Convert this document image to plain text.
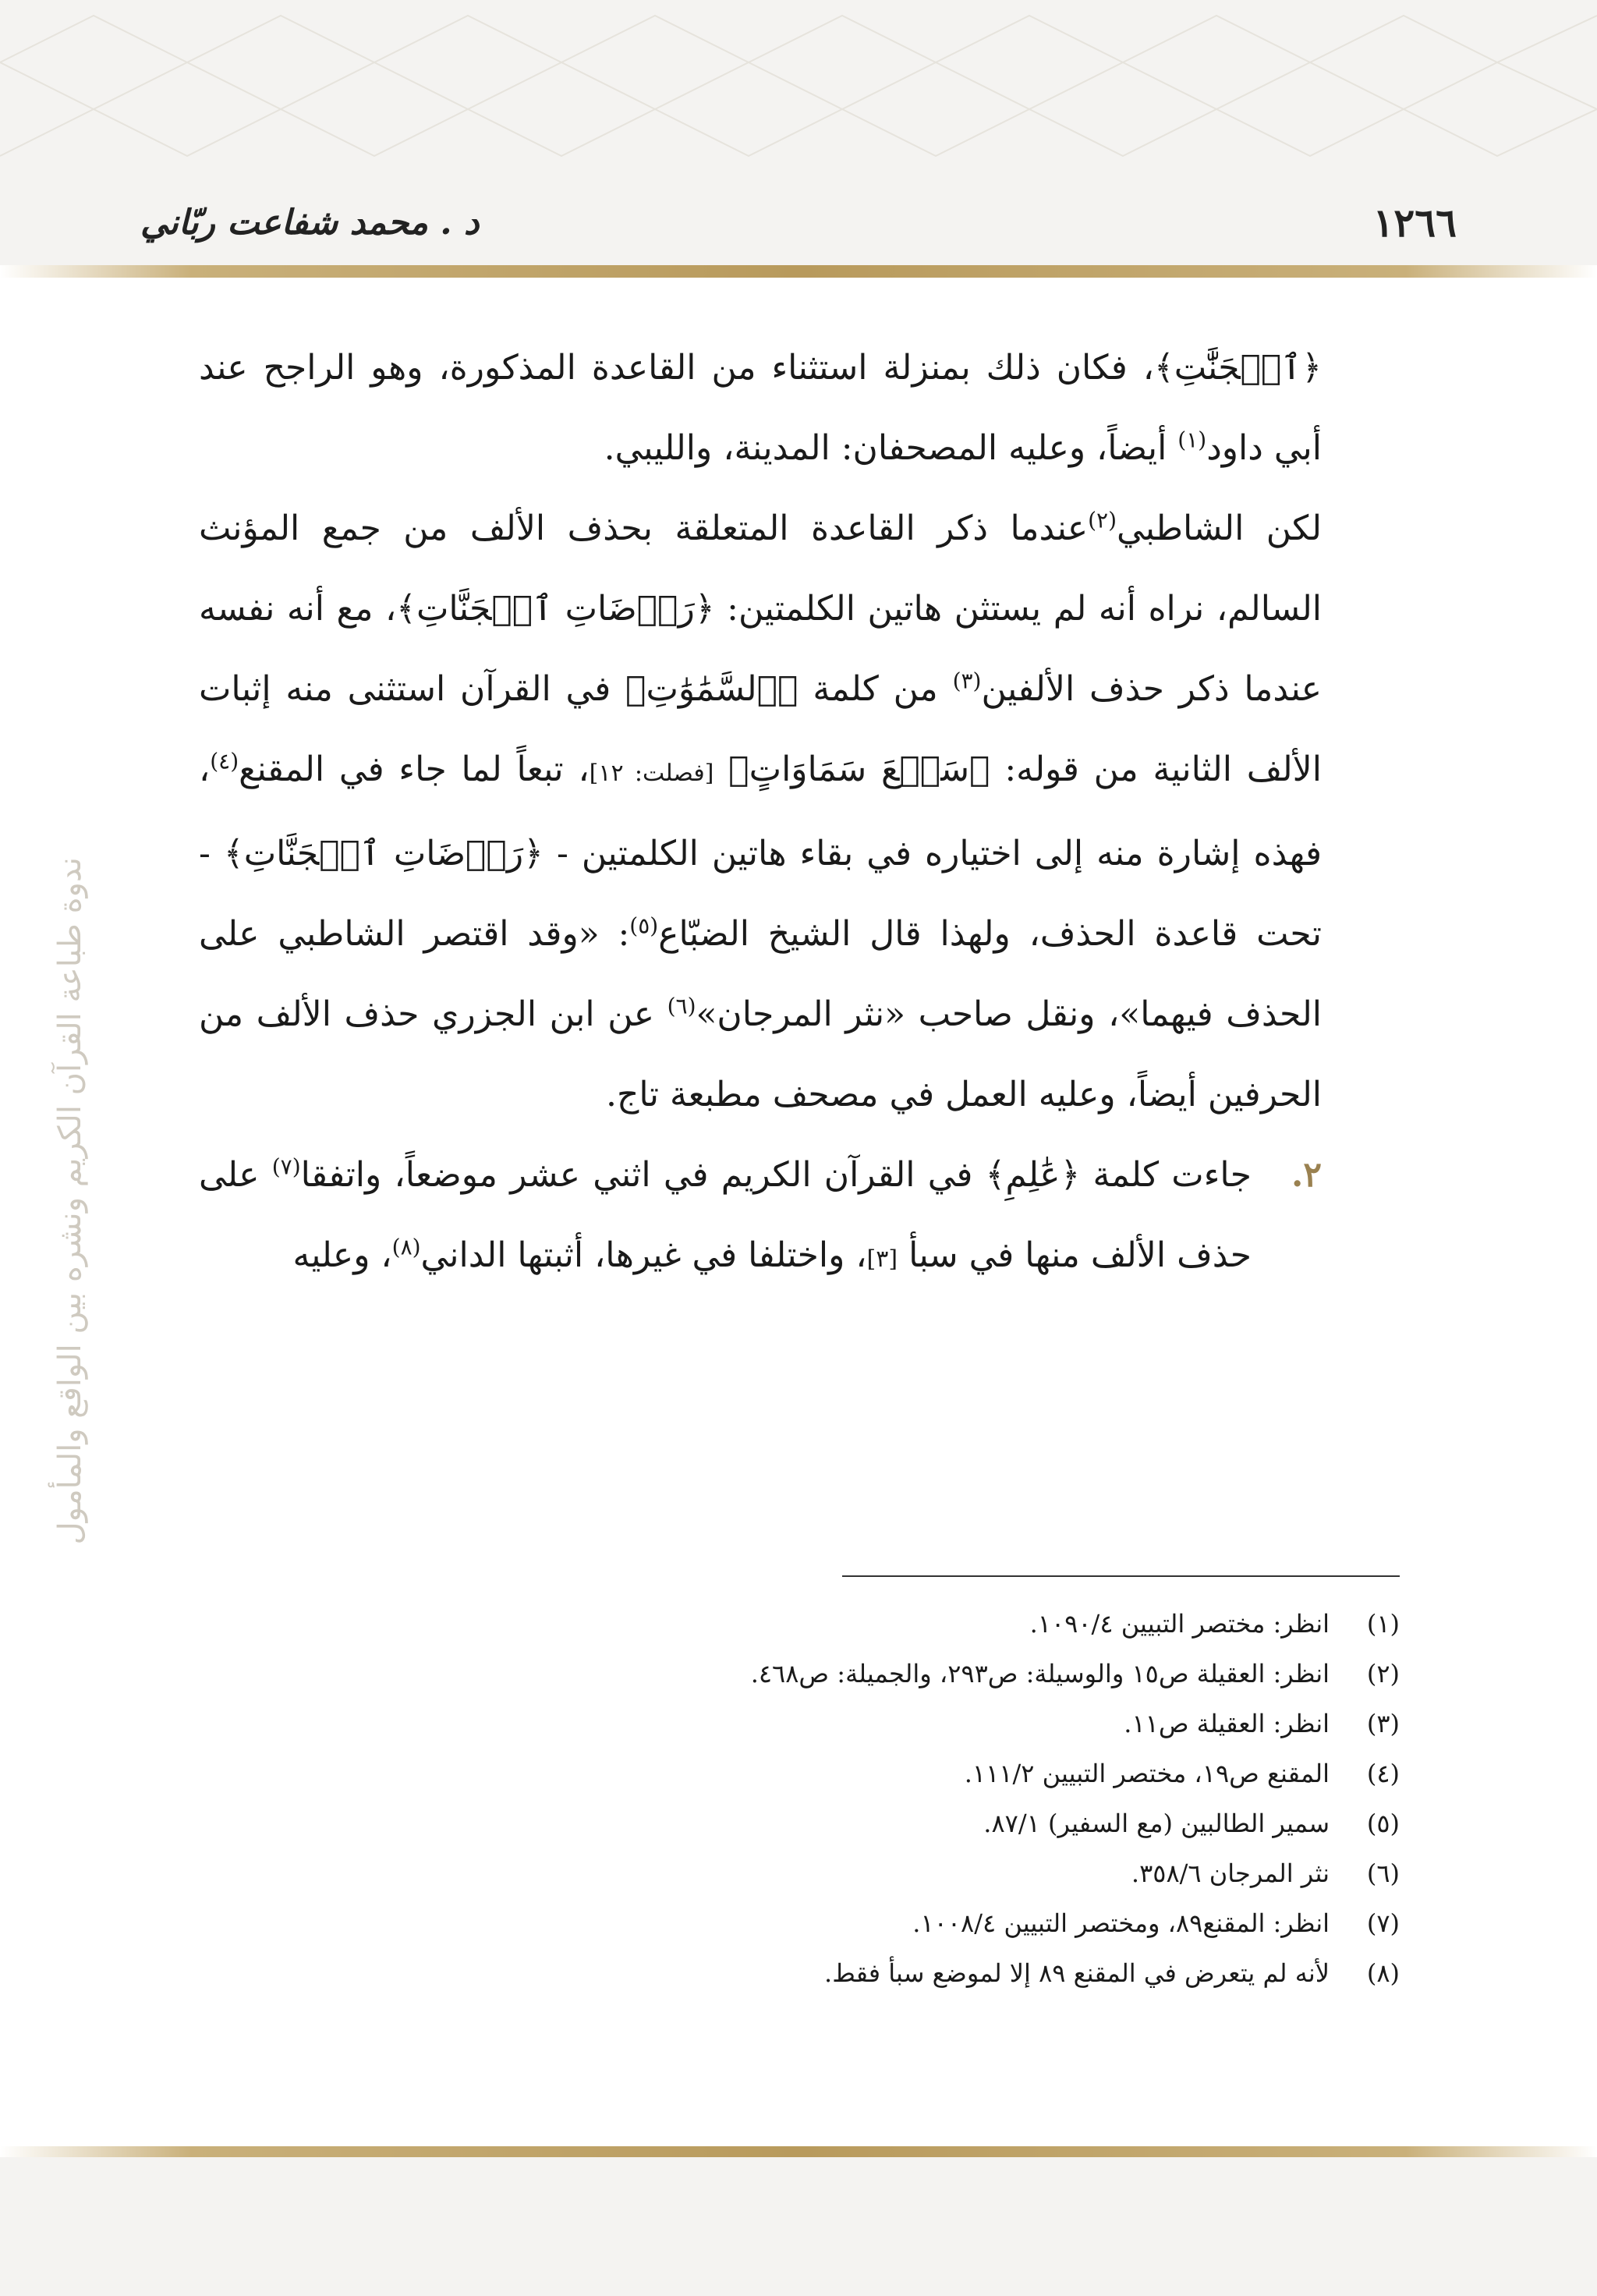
١٢٦٦
د . محمد شفاعت ربّاني
ندوة طباعة القرآن الكريم ونشره بين الواقع والمأمول

﴿ٱلۡجَنَّٰتِ﴾، فكان ذلك بمنزلة استثناء من القاعدة المذكورة، وهو الراجح عند أبي داود$^{(١)}$ أيضاً، وعليه المصحفان: المدينة، والليبي.

لكن الشاطبي$^{(٢)}$عندما ذكر القاعدة المتعلقة بحذف الألف من جمع المؤنث السالم، نراه أنه لم يستثن هاتين الكلمتين: ﴿رَوۡضَاتِ ٱلۡجَنَّاتِ﴾، مع أنه نفسه عندما ذكر حذف الألفين$^{(٣)}$ من كلمة ﴿ٱلسَّمَٰوَٰتِ﴾ في القرآن استثنى منه إثبات الألف الثانية من قوله: ﴿سَبۡعَ سَمَاوَاتٍ﴾ [فصلت: ١٢]، تبعاً لما جاء في المقنع$^{(٤)}$، فهذه إشارة منه إلى اختياره في بقاء هاتين الكلمتين - ﴿رَوۡضَاتِ ٱلۡجَنَّاتِ﴾ - تحت قاعدة الحذف، ولهذا قال الشيخ الضبّاع$^{(٥)}$: «وقد اقتصر الشاطبي على الحذف فيهما»، ونقل صاحب «نثر المرجان»$^{(٦)}$ عن ابن الجزري حذف الألف من الحرفين أيضاً، وعليه العمل في مصحف مطبعة تاج.

٢.
جاءت كلمة ﴿عَٰلِمِ﴾ في القرآن الكريم في اثني عشر موضعاً، واتفقا$^{(٧)}$ على حذف الألف منها في سبأ [٣]، واختلفا في غيرها، أثبتها الداني$^{(٨)}$، وعليه

(١)
انظر: مختصر التبيين ١٠٩٠/٤.
(٢)
انظر: العقيلة ص١٥ والوسيلة: ص٢٩٣، والجميلة: ص٤٦٨.
(٣)
انظر: العقيلة ص١١.
(٤)
المقنع ص١٩، مختصر التبيين ١١١/٢.
(٥)
سمير الطالبين (مع السفير) ٨٧/١.
(٦)
نثر المرجان ٣٥٨/٦.
(٧)
انظر: المقنع٨٩، ومختصر التبيين ١٠٠٨/٤.
(٨)
لأنه لم يتعرض في المقنع ٨٩ إلا لموضع سبأ فقط.
